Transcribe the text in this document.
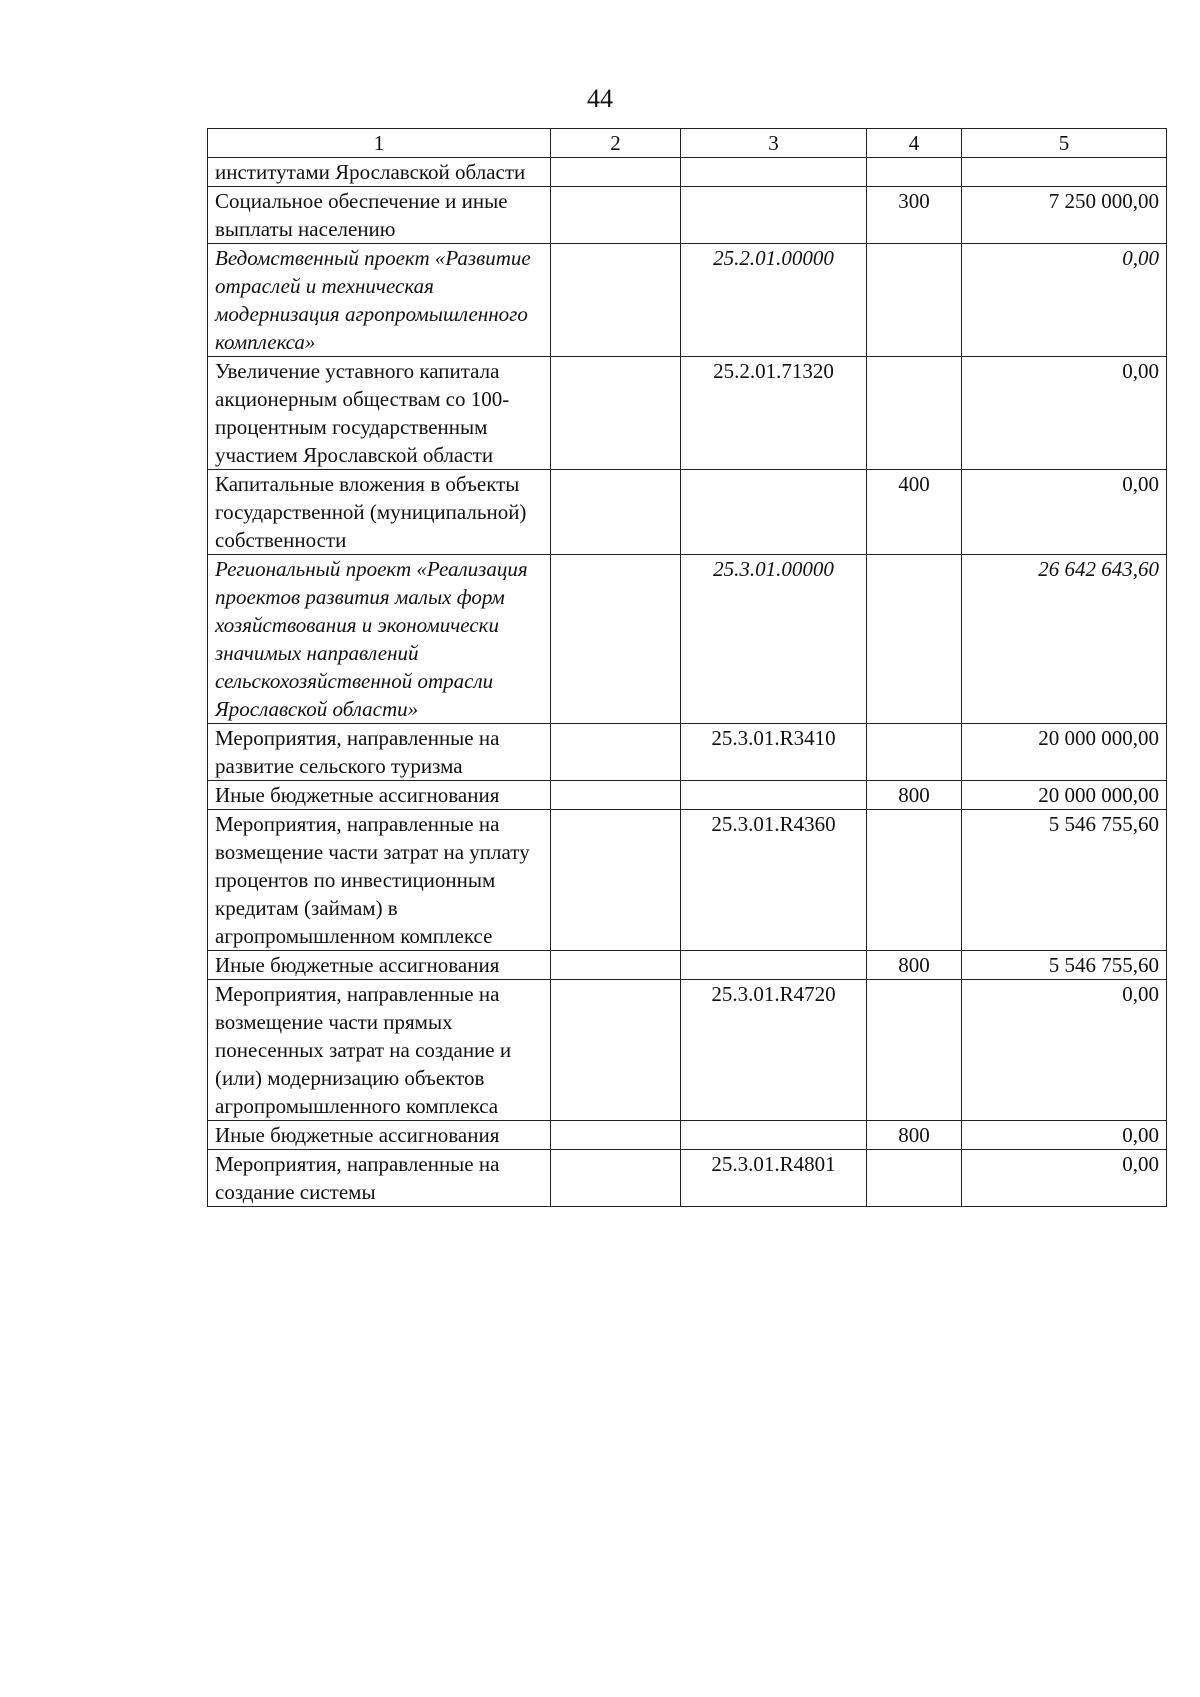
44
1	2	3	4	5
институтами Ярославской области				
Социальное обеспечение и иные выплаты населению			300	7 250 000,00
Ведомственный проект «Развитие отраслей и техническая модернизация агропромышленного комплекса»		25.2.01.00000		0,00
Увеличение уставного капитала акционерным обществам со 100-процентным государственным участием Ярославской области		25.2.01.71320		0,00
Капитальные вложения в объекты государственной (муниципальной) собственности			400	0,00
Региональный проект «Реализация проектов развития малых форм хозяйствования и экономически значимых направлений сельскохозяйственной отрасли Ярославской области»		25.3.01.00000		26 642 643,60
Мероприятия, направленные на развитие сельского туризма		25.3.01.R3410		20 000 000,00
Иные бюджетные ассигнования			800	20 000 000,00
Мероприятия, направленные на возмещение части затрат на уплату процентов по инвестиционным кредитам (займам) в агропромышленном комплексе		25.3.01.R4360		5 546 755,60
Иные бюджетные ассигнования			800	5 546 755,60
Мероприятия, направленные на возмещение части прямых понесенных затрат на создание и (или) модернизацию объектов агропромышленного комплекса		25.3.01.R4720		0,00
Иные бюджетные ассигнования			800	0,00
Мероприятия, направленные на создание системы		25.3.01.R4801		0,00
